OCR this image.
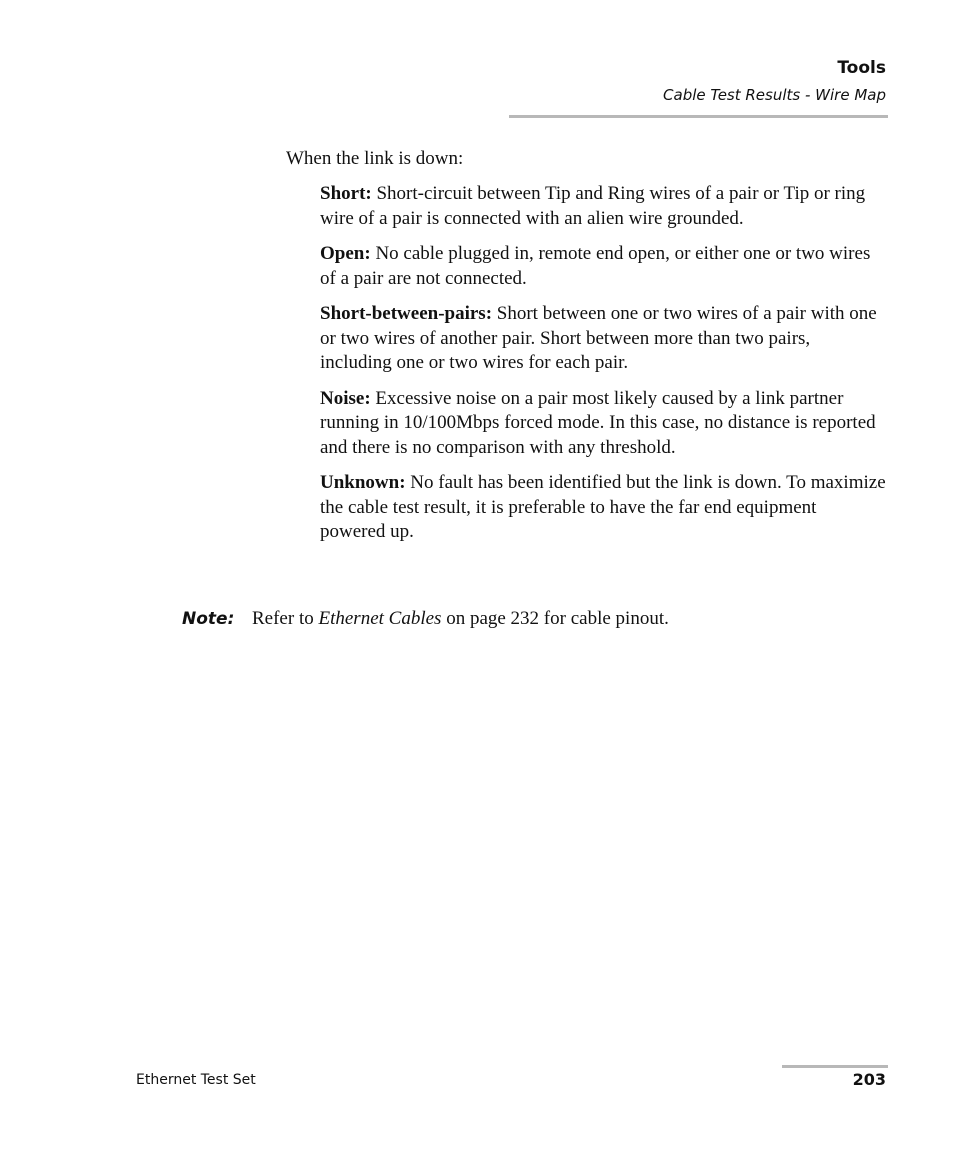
Tools
Cable Test Results - Wire Map
When the link is down:

Short: Short-circuit between Tip and Ring wires of a pair or Tip or ring wire of a pair is connected with an alien wire grounded.

Open: No cable plugged in, remote end open, or either one or two wires of a pair are not connected.

Short-between-pairs: Short between one or two wires of a pair with one or two wires of another pair. Short between more than two pairs, including one or two wires for each pair.

Noise: Excessive noise on a pair most likely caused by a link partner running in 10/100Mbps forced mode. In this case, no distance is reported and there is no comparison with any threshold.

Unknown: No fault has been identified but the link is down. To maximize the cable test result, it is preferable to have the far end equipment powered up.

Note: Refer to Ethernet Cables on page 232 for cable pinout.
Ethernet Test Set	203
